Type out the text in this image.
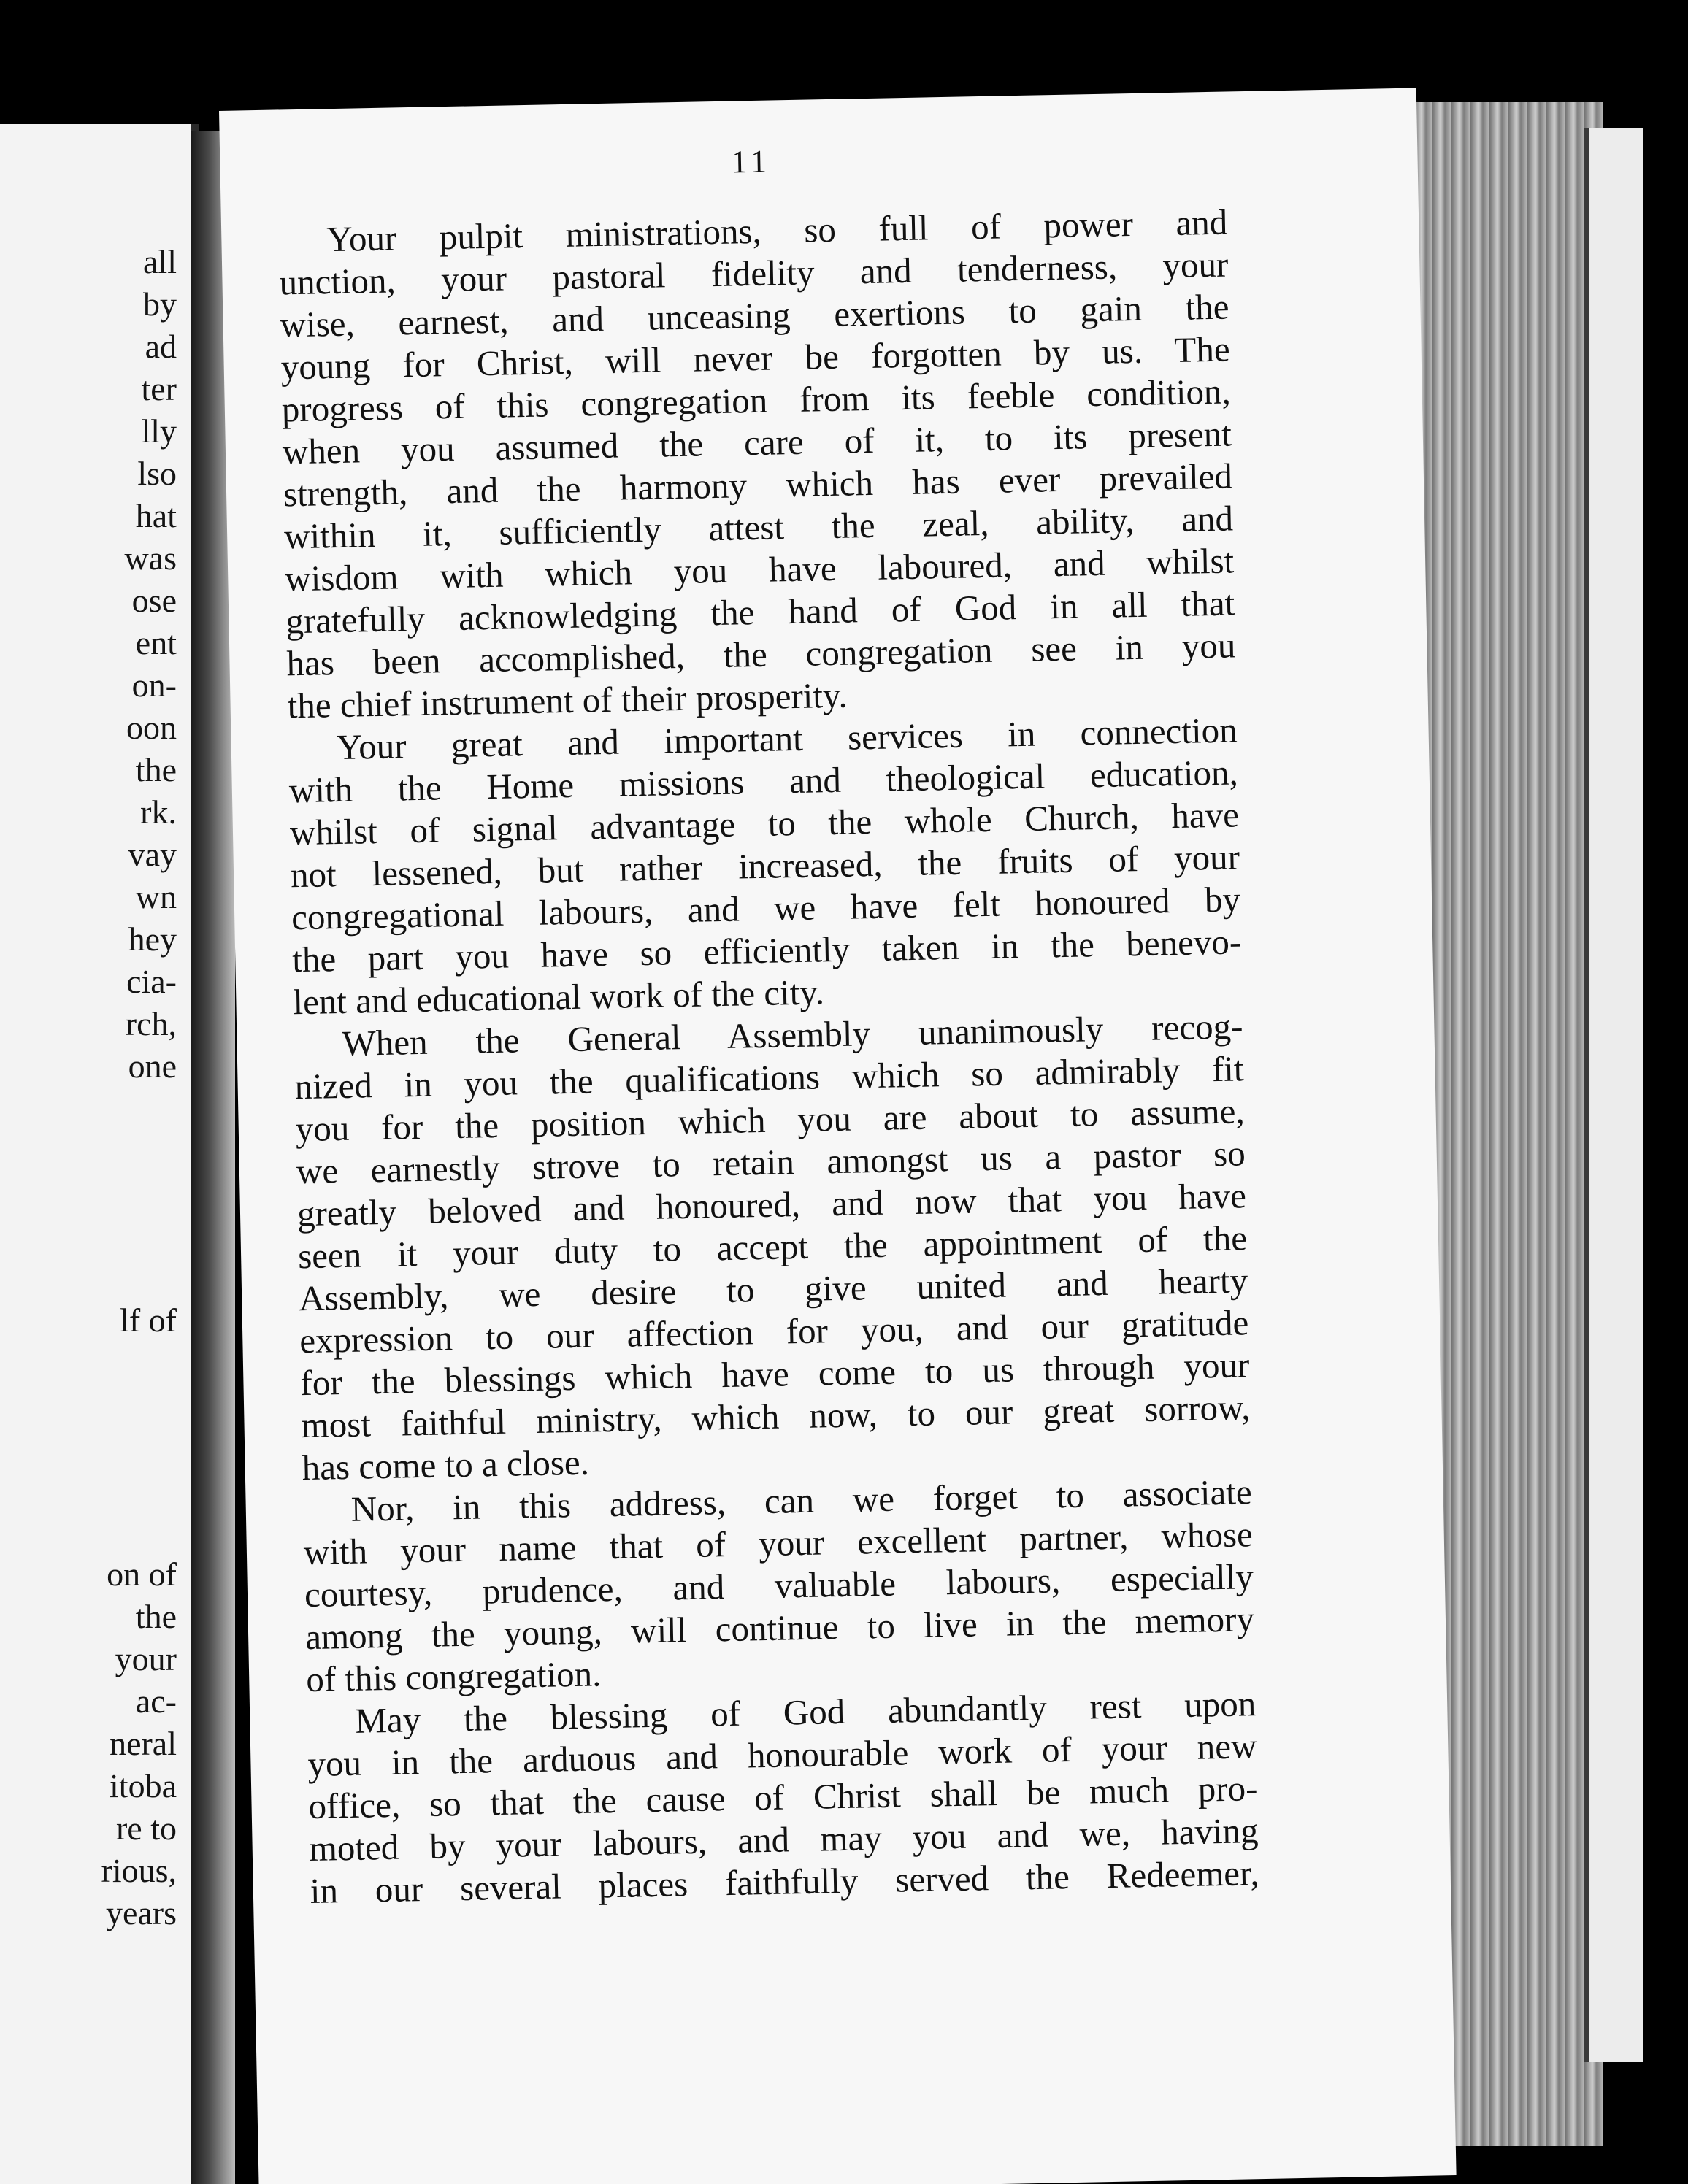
all
by
ad
ter
lly
lso
hat
was
ose
ent
on-
oon
the
rk.
vay
wn
hey
cia-
rch,
one
lf of
on of
the
your
ac-
neral
itoba
re to
rious,
years
11
Your pulpit ministrations, so full of power and
unction, your pastoral fidelity and tenderness, your
wise, earnest, and unceasing exertions to gain the
young for Christ, will never be forgotten by us. The
progress of this congregation from its feeble condition,
when you assumed the care of it, to its present
strength, and the harmony which has ever prevailed
within it, sufficiently attest the zeal, ability, and
wisdom with which you have laboured, and whilst
gratefully acknowledging the hand of God in all that
has been accomplished, the congregation see in you
the chief instrument of their prosperity.
Your great and important services in connection
with the Home missions and theological education,
whilst of signal advantage to the whole Church, have
not lessened, but rather increased, the fruits of your
congregational labours, and we have felt honoured by
the part you have so efficiently taken in the benevo-
lent and educational work of the city.
When the General Assembly unanimously recog-
nized in you the qualifications which so admirably fit
you for the position which you are about to assume,
we earnestly strove to retain amongst us a pastor so
greatly beloved and honoured, and now that you have
seen it your duty to accept the appointment of the
Assembly, we desire to give united and hearty
expression to our affection for you, and our gratitude
for the blessings which have come to us through your
most faithful ministry, which now, to our great sorrow,
has come to a close.
Nor, in this address, can we forget to associate
with your name that of your excellent partner, whose
courtesy, prudence, and valuable labours, especially
among the young, will continue to live in the memory
of this congregation.
May the blessing of God abundantly rest upon
you in the arduous and honourable work of your new
office, so that the cause of Christ shall be much pro-
moted by your labours, and may you and we, having
in our several places faithfully served the Redeemer,
